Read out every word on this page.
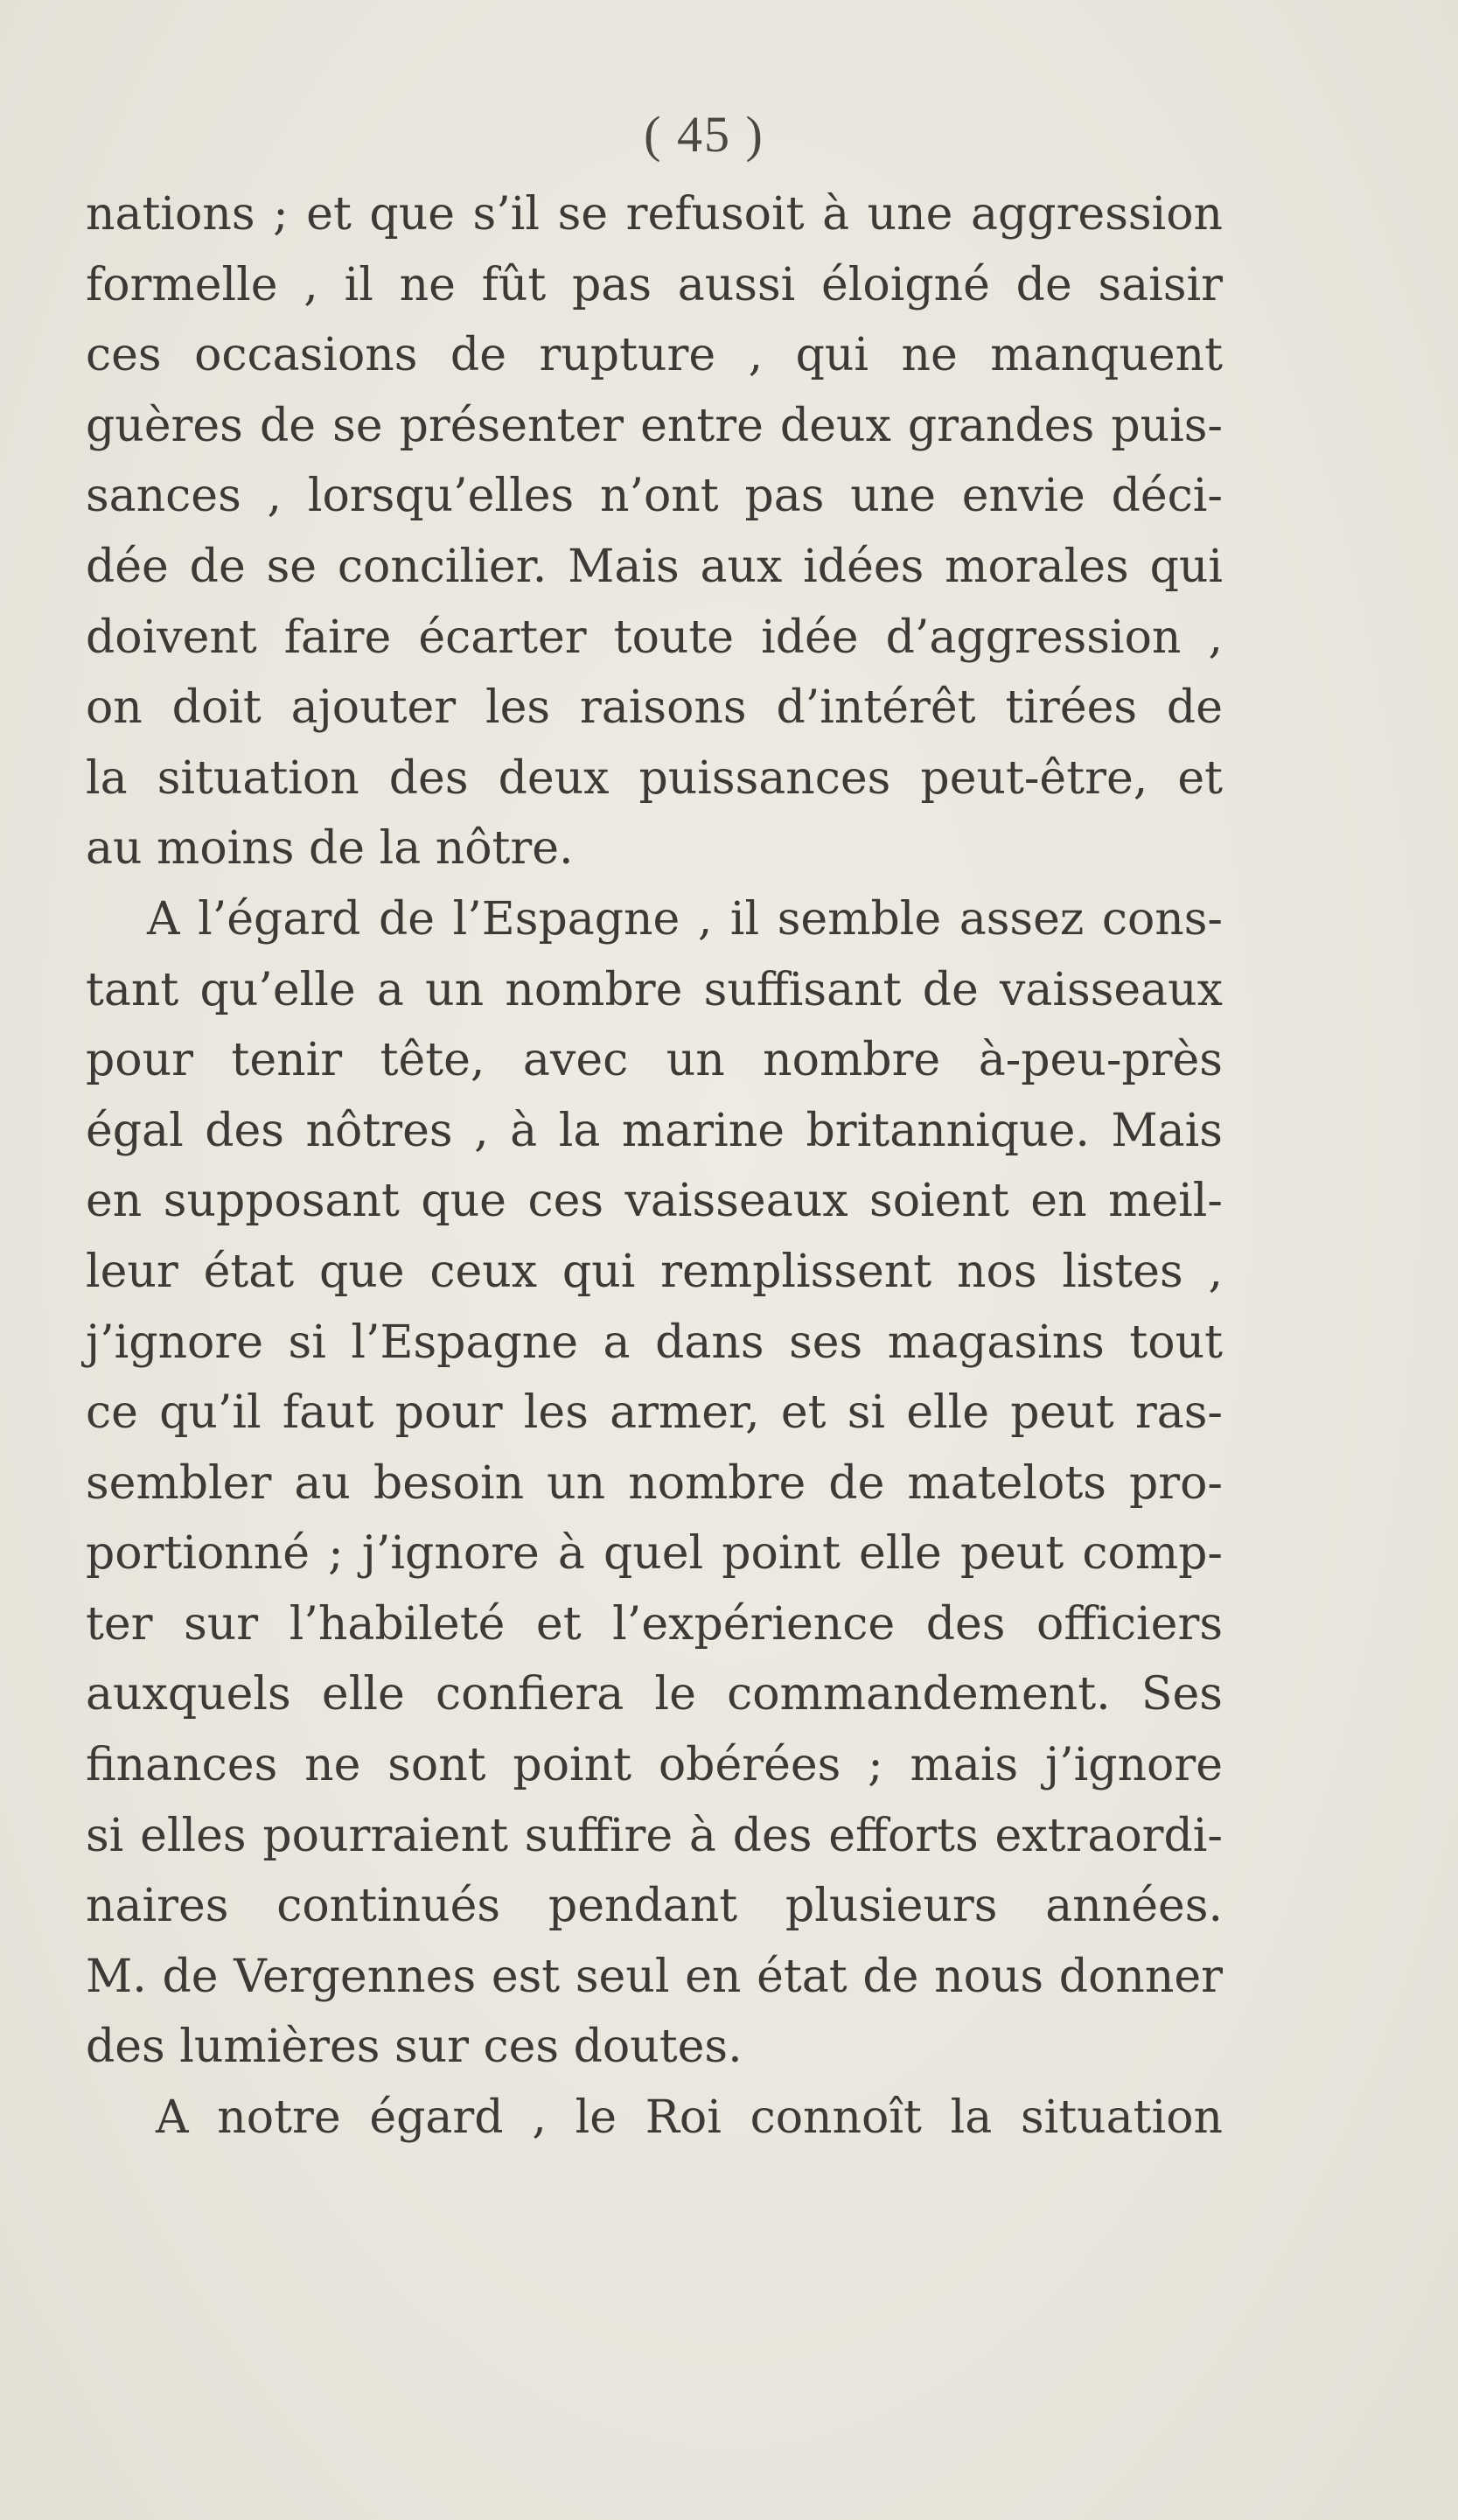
( 45 )
nations ; et que s’il se refusoit à une aggression
formelle , il ne fût pas aussi éloigné de saisir
ces occasions de rupture , qui ne manquent
guères de se présenter entre deux grandes puis-
sances , lorsqu’elles n’ont pas une envie déci-
dée de se concilier. Mais aux idées morales qui
doivent faire écarter toute idée d’aggression ,
on doit ajouter les raisons d’intérêt tirées de
la situation des deux puissances peut-être, et
au moins de la nôtre.
A l’égard de l’Espagne , il semble assez cons-
tant qu’elle a un nombre suffisant de vaisseaux
pour tenir tête, avec un nombre à-peu-près
égal des nôtres , à la marine britannique. Mais
en supposant que ces vaisseaux soient en meil-
leur état que ceux qui remplissent nos listes ,
j’ignore si l’Espagne a dans ses magasins tout
ce qu’il faut pour les armer, et si elle peut ras-
sembler au besoin un nombre de matelots pro-
portionné ; j’ignore à quel point elle peut comp-
ter sur l’habileté et l’expérience des officiers
auxquels elle confiera le commandement. Ses
finances ne sont point obérées ; mais j’ignore
si elles pourraient suffire à des efforts extraordi-
naires continués pendant plusieurs années.
M. de Vergennes est seul en état de nous donner
des lumières sur ces doutes.
A notre égard , le Roi connoît la situation
